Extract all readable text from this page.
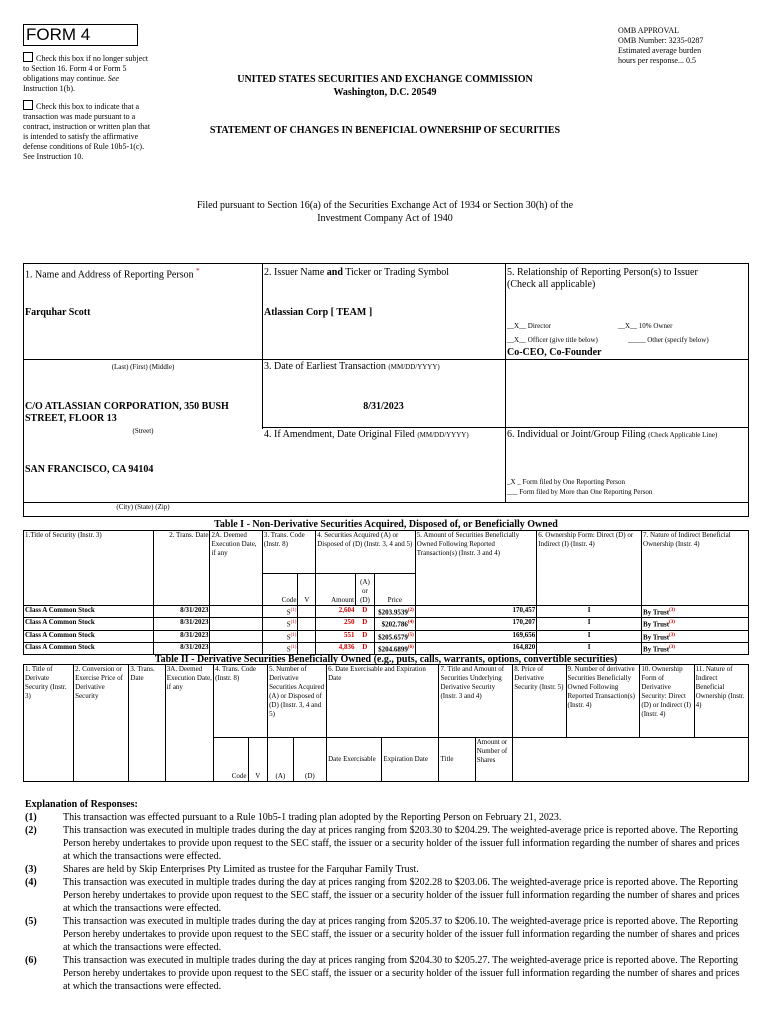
FORM 4
Check this box if no longer subject to Section 16. Form 4 or Form 5 obligations may continue. See Instruction 1(b).
Check this box to indicate that a transaction was made pursuant to a contract, instruction or written plan that is intended to satisfy the affirmative defense conditions of Rule 10b5-1(c). See Instruction 10.
OMB APPROVAL
OMB Number: 3235-0287
Estimated average burden
hours per response... 0.5
UNITED STATES SECURITIES AND EXCHANGE COMMISSION
Washington, D.C. 20549
STATEMENT OF CHANGES IN BENEFICIAL OWNERSHIP OF SECURITIES
Filed pursuant to Section 16(a) of the Securities Exchange Act of 1934 or Section 30(h) of the
Investment Company Act of 1940
1. Name and Address of Reporting Person *
Farquhar Scott
(Last) (First) (Middle)
C/O ATLASSIAN CORPORATION, 350 BUSH STREET, FLOOR 13
(Street)
SAN FRANCISCO, CA 94104
(City) (State) (Zip)
2. Issuer Name and Ticker or Trading Symbol
Atlassian Corp [ TEAM ]
3. Date of Earliest Transaction (MM/DD/YYYY)
8/31/2023
4. If Amendment, Date Original Filed (MM/DD/YYYY)
5. Relationship of Reporting Person(s) to Issuer
(Check all applicable)
__X__ Director	__X__ 10% Owner
__X__ Officer (give title below)	_____ Other (specify below)
Co-CEO, Co-Founder
6. Individual or Joint/Group Filing (Check Applicable Line)
_X _ Form filed by One Reporting Person
___ Form filed by More than One Reporting Person
Table I - Non-Derivative Securities Acquired, Disposed of, or Beneficially Owned
1.Title of Security (Instr. 3)	2. Trans. Date	2A. Deemed Execution Date, if any	3. Trans. Code (Instr. 8)		4. Securities Acquired (A) or Disposed of (D) (Instr. 3, 4 and 5)			5. Amount of Securities Beneficially Owned Following Reported Transaction(s) (Instr. 3 and 4)	6. Ownership Form: Direct (D) or Indirect (I) (Instr. 4)	7. Nature of Indirect Beneficial Ownership (Instr. 4)
			Code	V	Amount	(A) or (D)	Price			
Class A Common Stock	8/31/2023		$S^{(1)}$		2,604	D	$203.9539$^{(2)}$	170,457	I	By Trust$^{(3)}$
Class A Common Stock	8/31/2023		$S^{(1)}$		250	D	$202.786$^{(4)}$	170,207	I	By Trust$^{(3)}$
Class A Common Stock	8/31/2023		$S^{(1)}$		551	D	$205.6579$^{(5)}$	169,656	I	By Trust$^{(3)}$
Class A Common Stock	8/31/2023		$S^{(1)}$		4,836	D	$204.6899$^{(6)}$	164,820	I	By Trust$^{(3)}$
Table II - Derivative Securities Beneficially Owned (e.g., puts, calls, warrants, options, convertible securities)
1. Title of Derivate Security (Instr. 3)	2. Conversion or Exercise Price of Derivative Security	3. Trans. Date	3A. Deemed Execution Date, if any	4. Trans. Code (Instr. 8)		5. Number of Derivative Securities Acquired (A) or Disposed of (D) (Instr. 3, 4 and 5)		6. Date Exercisable and Expiration Date		7. Title and Amount of Securities Underlying Derivative Security (Instr. 3 and 4)		8. Price of Derivative Security (Instr. 5)	9. Number of derivative Securities Beneficially Owned Following Reported Transaction(s) (Instr. 4)	10. Ownership Form of Derivative Security: Direct (D) or Indirect (I) (Instr. 4)	11. Nature of Indirect Beneficial Ownership (Instr. 4)
				Code	V	(A)	(D)	Date Exercisable	Expiration Date	Title	Amount or Number of Shares				
Explanation of Responses:
(1)	This transaction was effected pursuant to a Rule 10b5-1 trading plan adopted by the Reporting Person on February 21, 2023.
(2)	This transaction was executed in multiple trades during the day at prices ranging from $203.30 to $204.29. The weighted-average price is reported above. The Reporting Person hereby undertakes to provide upon request to the SEC staff, the issuer or a security holder of the issuer full information regarding the number of shares and prices at which the transactions were effected.
(3)	Shares are held by Skip Enterprises Pty Limited as trustee for the Farquhar Family Trust.
(4)	This transaction was executed in multiple trades during the day at prices ranging from $202.28 to $203.06. The weighted-average price is reported above. The Reporting Person hereby undertakes to provide upon request to the SEC staff, the issuer or a security holder of the issuer full information regarding the number of shares and prices at which the transactions were effected.
(5)	This transaction was executed in multiple trades during the day at prices ranging from $205.37 to $206.10. The weighted-average price is reported above. The Reporting Person hereby undertakes to provide upon request to the SEC staff, the issuer or a security holder of the issuer full information regarding the number of shares and prices at which the transactions were effected.
(6)	This transaction was executed in multiple trades during the day at prices ranging from $204.30 to $205.27. The weighted-average price is reported above. The Reporting Person hereby undertakes to provide upon request to the SEC staff, the issuer or a security holder of the issuer full information regarding the number of shares and prices at which the transactions were effected.
